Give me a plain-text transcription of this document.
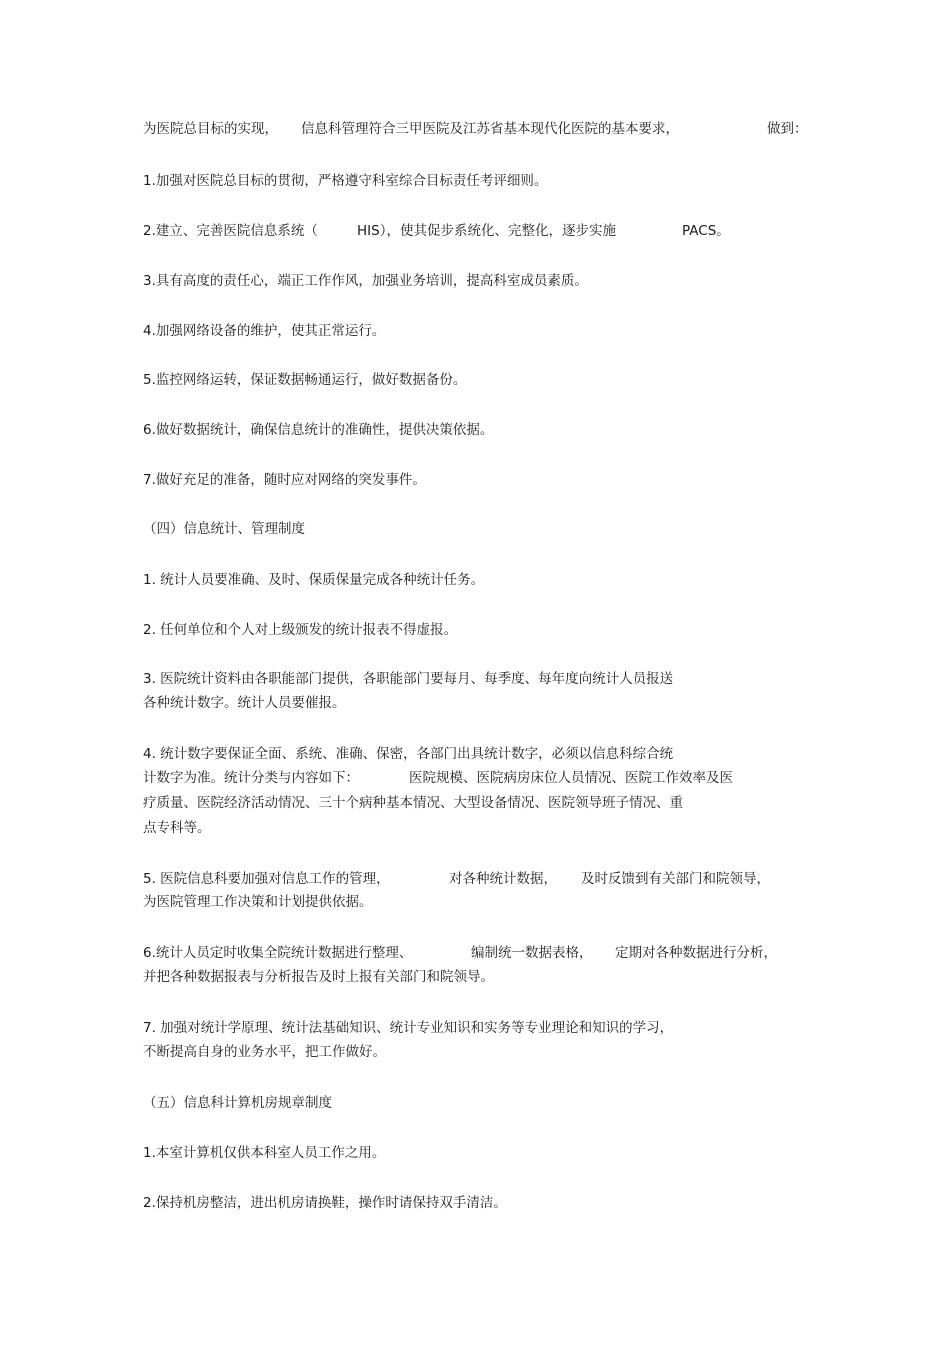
为医院总目标的实现， 信息科管理符合三甲医院及江苏省基本现代化医院的基本要求，	做到：
1.加强对医院总目标的贯彻，严格遵守科室综合目标责任考评细则。
2.建立、完善医院信息系统（	HIS），使其促步系统化、完整化，逐步实施	PACS。
3.具有高度的责任心，端正工作作风，加强业务培训，提高科室成员素质。
4.加强网络设备的维护，使其正常运行。
5.监控网络运转，保证数据畅通运行，做好数据备份。
6.做好数据统计，确保信息统计的准确性，提供决策依据。
7.做好充足的准备，随时应对网络的突发事件。
（四）信息统计、管理制度
1. 统计人员要准确、及时、保质保量完成各种统计任务。
2. 任何单位和个人对上级颁发的统计报表不得虚报。
3. 医院统计资料由各职能部门提供，各职能部门要每月、每季度、每年度向统计人员报送
各种统计数字。统计人员要催报。
4. 统计数字要保证全面、系统、准确、保密，各部门出具统计数字，必须以信息科综合统
计数字为准。统计分类与内容如下：	医院规模、医院病房床位人员情况、医院工作效率及医
疗质量、医院经济活动情况、三十个病种基本情况、大型设备情况、医院领导班子情况、重
点专科等。
5. 医院信息科要加强对信息工作的管理，	对各种统计数据， 及时反馈到有关部门和院领导，
为医院管理工作决策和计划提供依据。
6.统计人员定时收集全院统计数据进行整理、	编制统一数据表格， 定期对各种数据进行分析，
并把各种数据报表与分析报告及时上报有关部门和院领导。
7. 加强对统计学原理、统计法基础知识、统计专业知识和实务等专业理论和知识的学习，
不断提高自身的业务水平，把工作做好。
（五）信息科计算机房规章制度
1.本室计算机仅供本科室人员工作之用。
2.保持机房整洁，进出机房请换鞋，操作时请保持双手清洁。
